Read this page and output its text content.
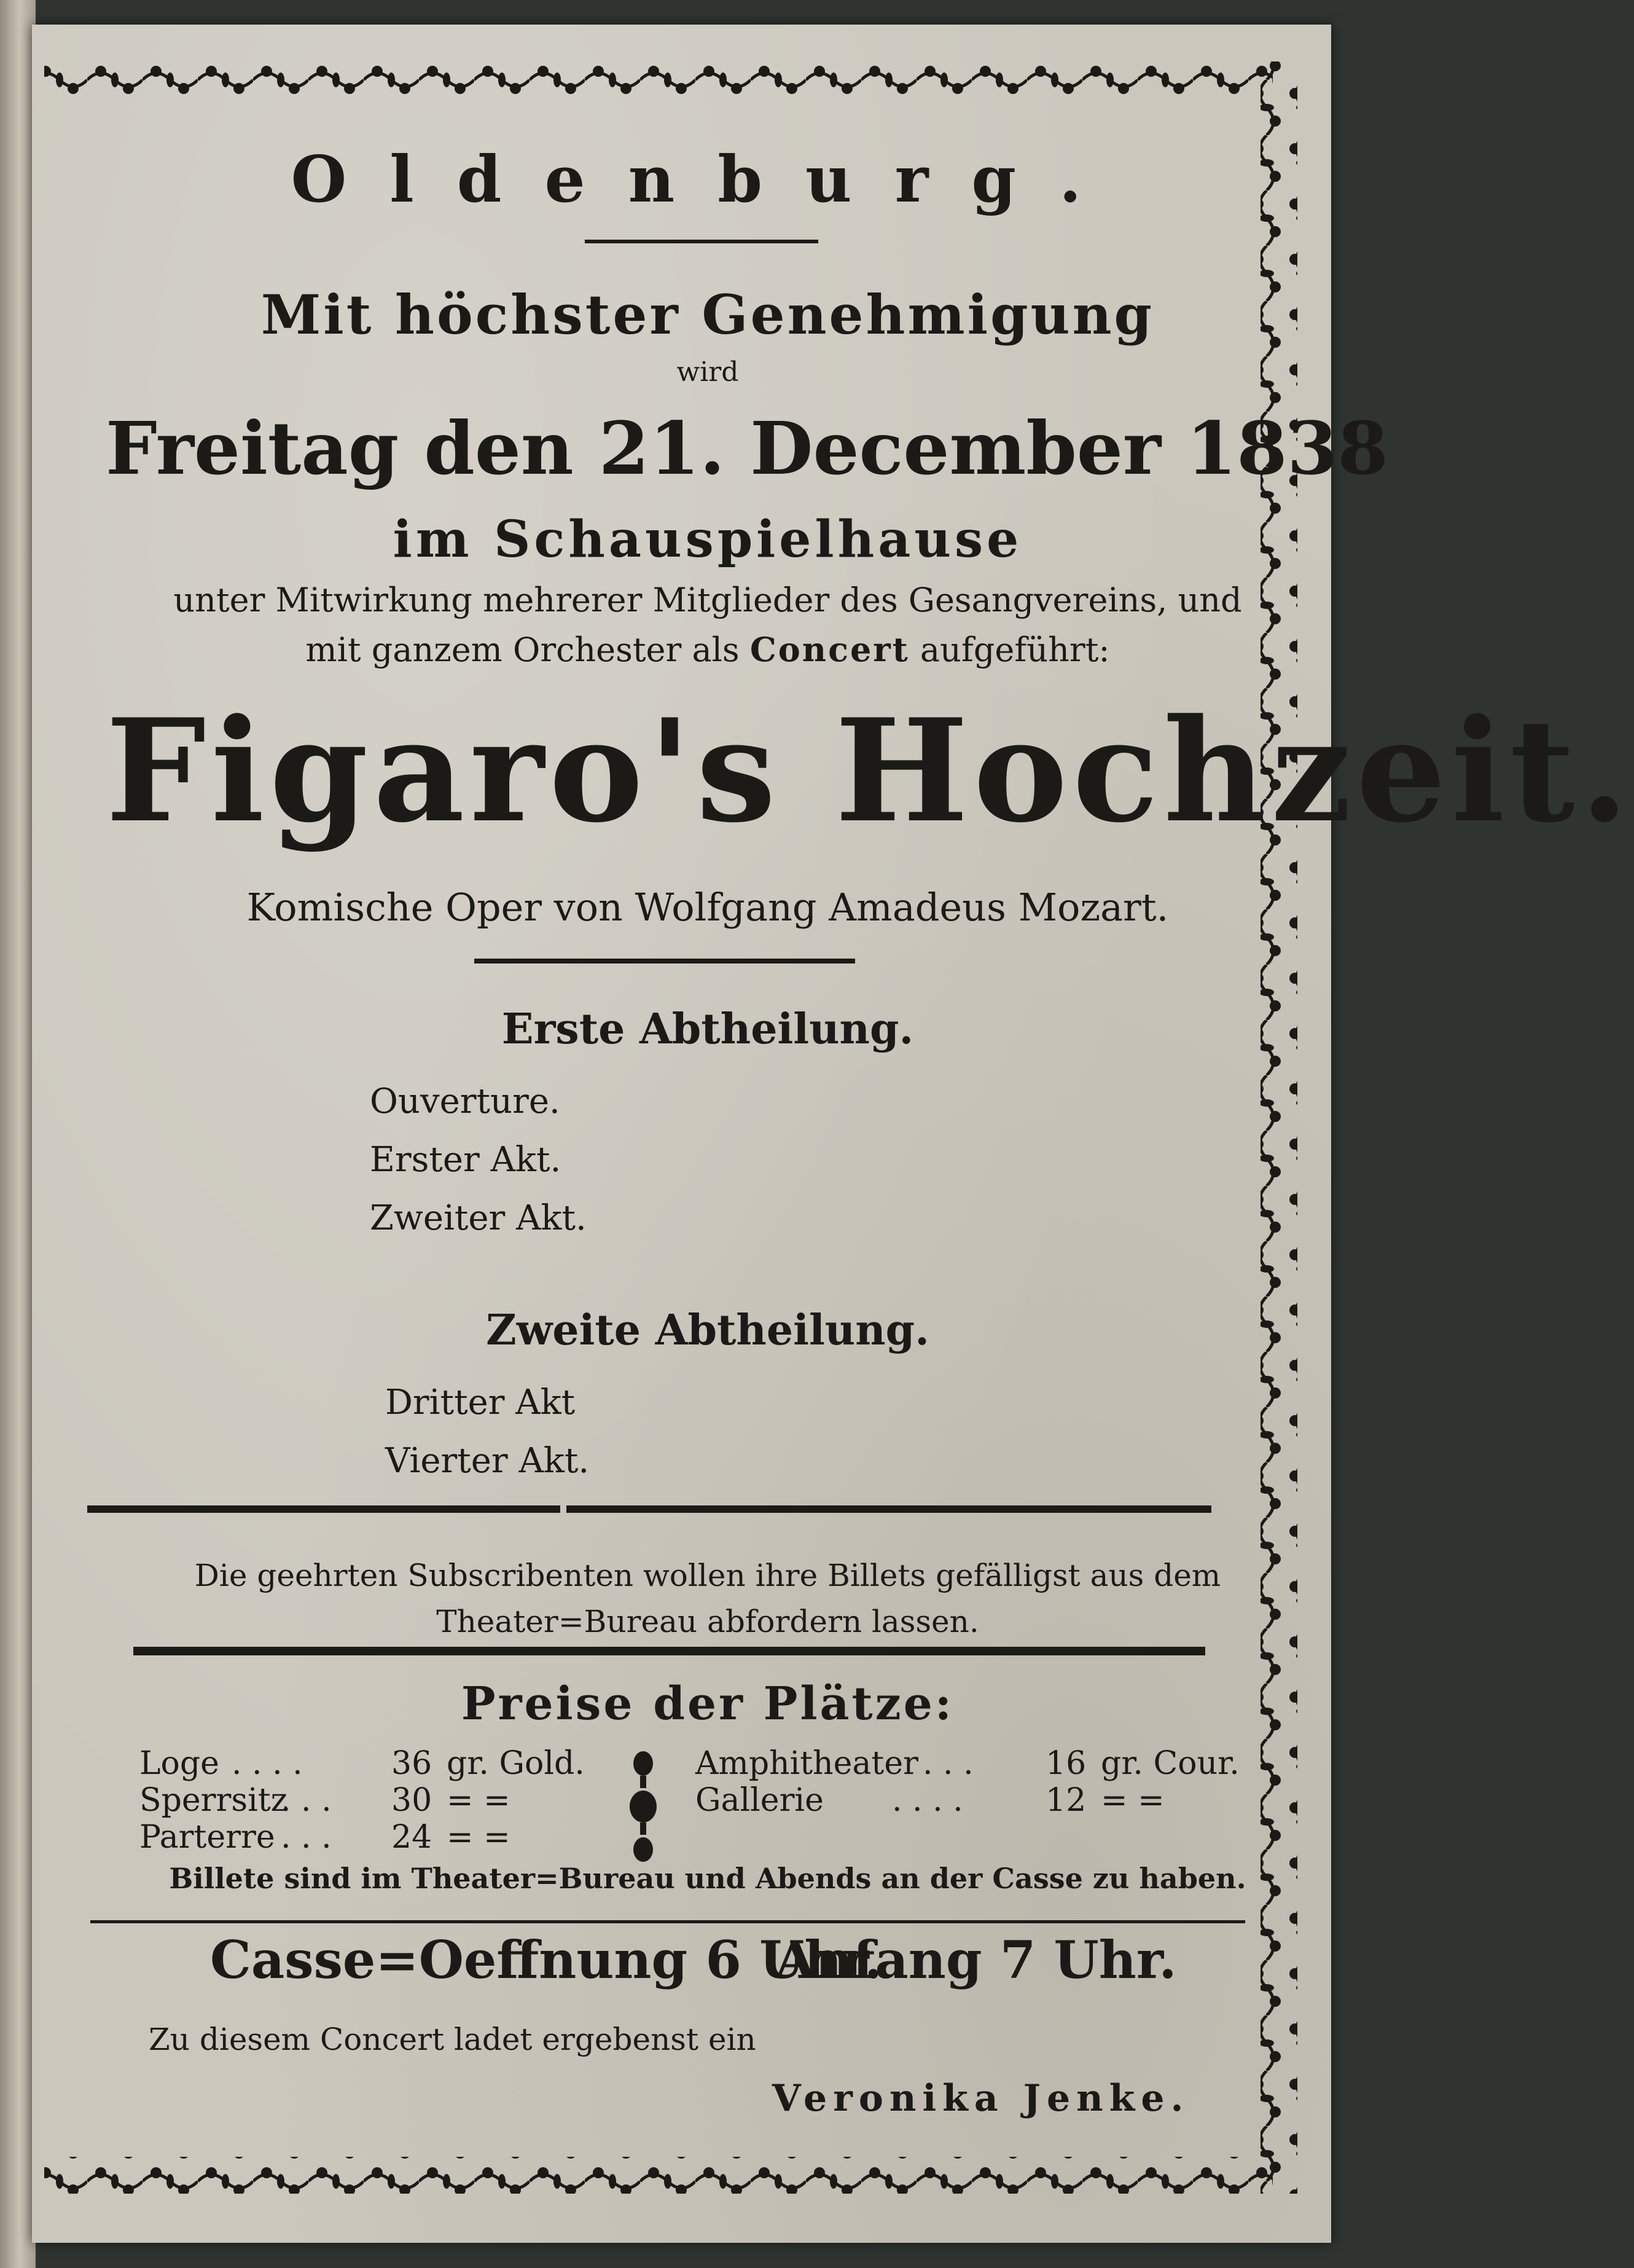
Oldenburg.
Mit höchster Genehmigung
wird
Freitag den 21. December 1838
im Schauspielhause
unter Mitwirkung mehrerer Mitglieder des Gesangvereins, und
mit ganzem Orchester als Concert aufgeführt:
Figaro's Hochzeit.
Komische Oper von Wolfgang Amadeus Mozart.
Erste Abtheilung.
Ouverture.
Erster Akt.
Zweiter Akt.
Zweite Abtheilung.
Dritter Akt
Vierter Akt.
Die geehrten Subscribenten wollen ihre Billets gefälligst aus dem
Theater=Bureau abfordern lassen.
Preise der Plätze:
Loge . . . .	36 gr. Gold.
Sperrsitz
. . . 30 = =
Parterre . . . 24 = =
Amphitheater . . . 16 gr. Cour.
Gallerie . . . .	12 = =
Billete sind im Theater=Bureau und Abends an der Casse zu haben.
Casse=Oeffnung 6 Uhr.
Anfang 7 Uhr.
Zu diesem Concert ladet ergebenst ein
Veronika Jenke.
